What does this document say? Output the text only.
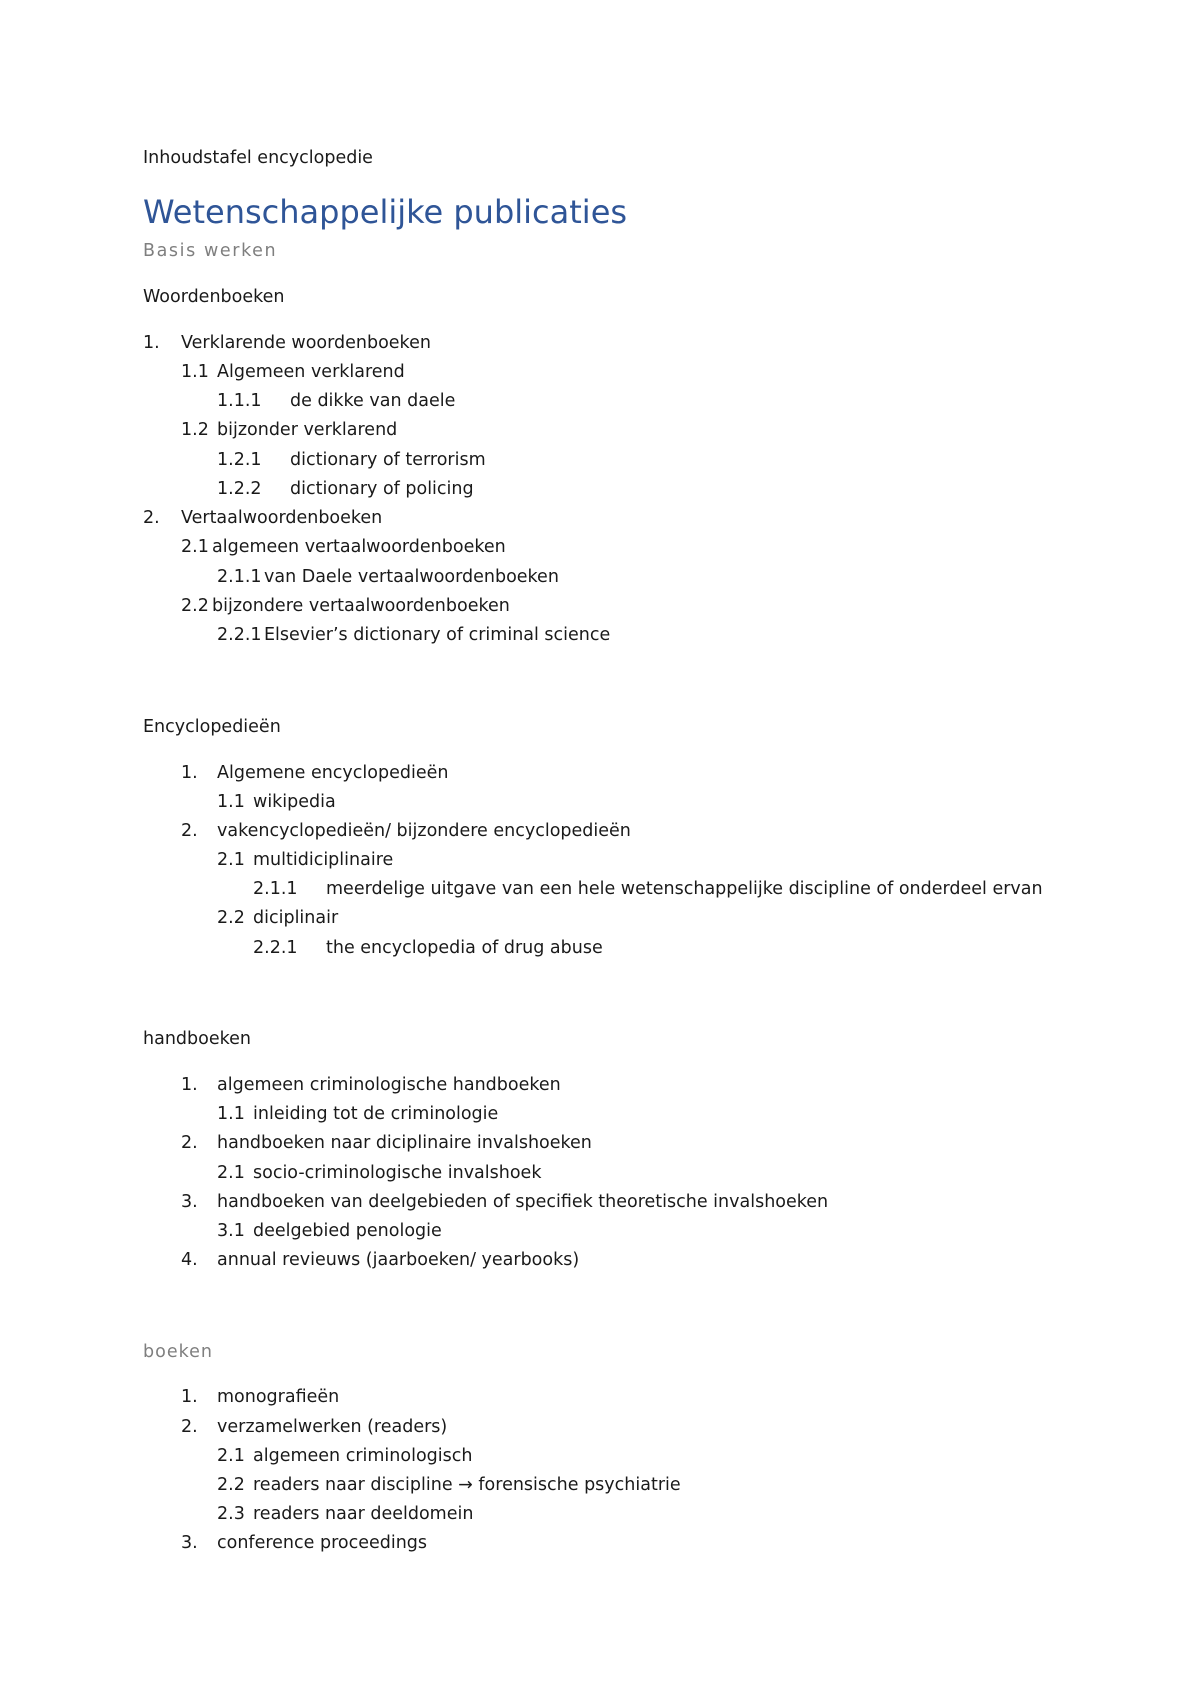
Inhoudstafel encyclopedie
Wetenschappelijke publicaties
Basis werken
Woordenboeken
1. Verklarende woordenboeken
1.1 Algemeen verklarend
1.1.1 de dikke van daele
1.2 bijzonder verklarend
1.2.1 dictionary of terrorism
1.2.2 dictionary of policing
2. Vertaalwoordenboeken
2.1 algemeen vertaalwoordenboeken
2.1.1 van Daele vertaalwoordenboeken
2.2 bijzondere vertaalwoordenboeken
2.2.1 Elsevier’s dictionary of criminal science
Encyclopedieën
1. Algemene encyclopedieën
1.1 wikipedia
2. vakencyclopedieën/ bijzondere encyclopedieën
2.1 multidiciplinaire
2.1.1 meerdelige uitgave van een hele wetenschappelijke discipline of onderdeel ervan
2.2 diciplinair
2.2.1 the encyclopedia of drug abuse
handboeken
1. algemeen criminologische handboeken
1.1 inleiding tot de criminologie
2. handboeken naar diciplinaire invalshoeken
2.1 socio-criminologische invalshoek
3. handboeken van deelgebieden of specifiek theoretische invalshoeken
3.1 deelgebied penologie
4. annual revieuws (jaarboeken/ yearbooks)
boeken
1. monografieën
2. verzamelwerken (readers)
2.1 algemeen criminologisch
2.2 readers naar discipline → forensische psychiatrie
2.3 readers naar deeldomein
3. conference proceedings
